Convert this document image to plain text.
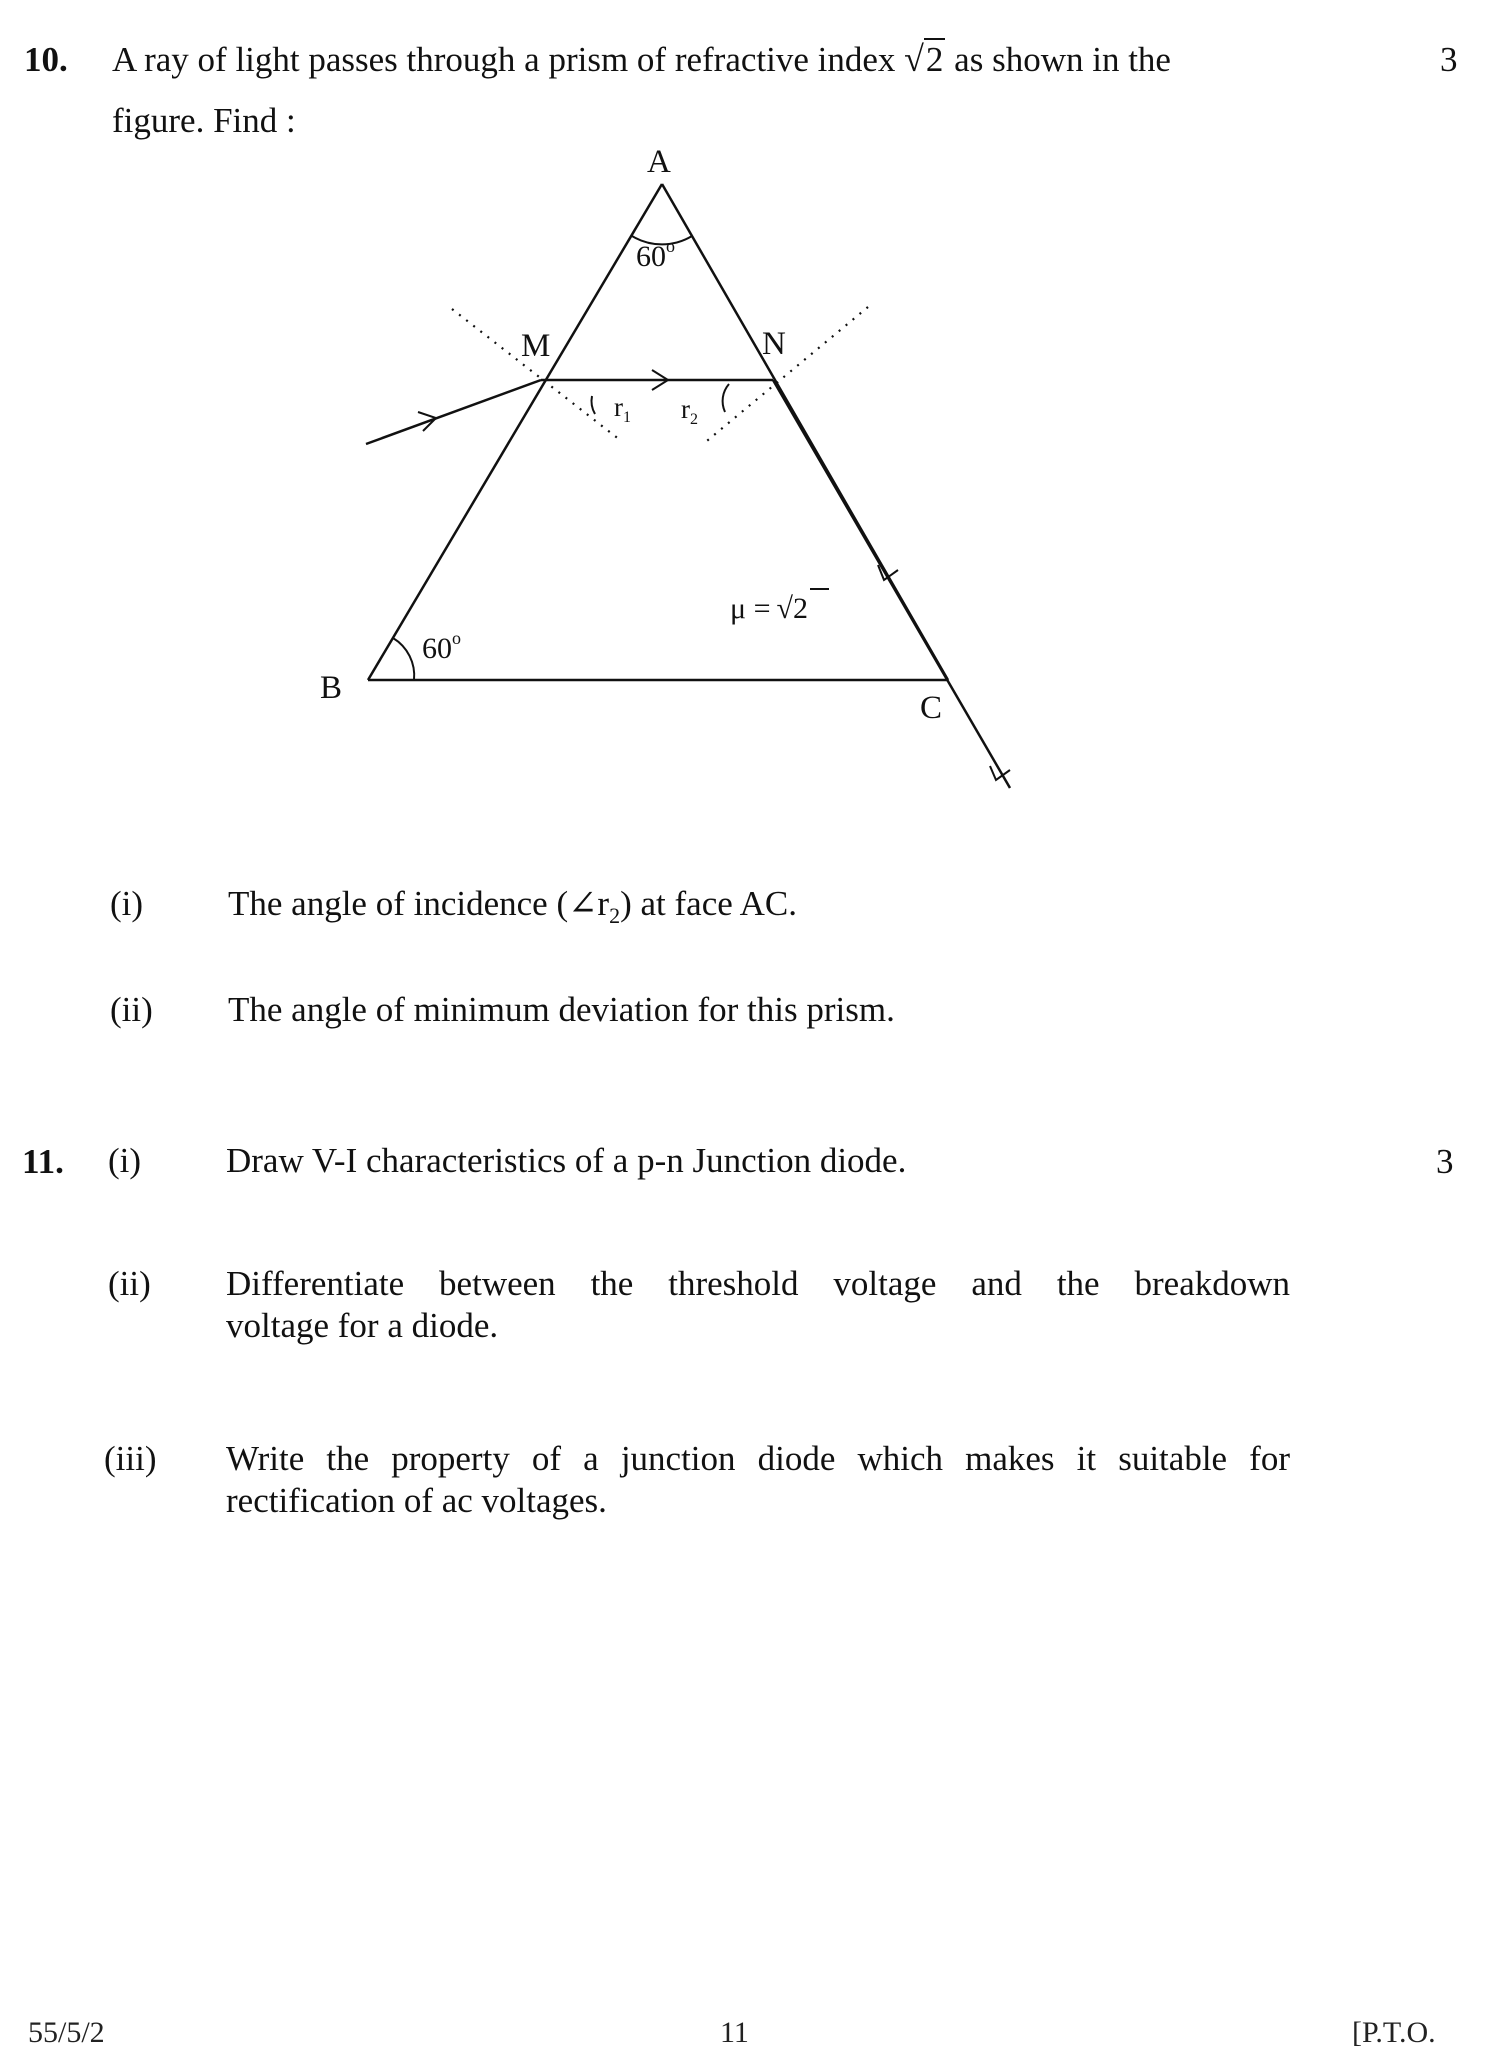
10. A ray of light passes through a prism of refractive index √2 as shown in the	3
figure. Find :
A
B
C
M	N
60$^o$
60$^o$
$r_1$ $r_2$
μ = √2
(i) The angle of incidence $(\angle r_2)$ at face AC.
(ii) The angle of minimum deviation for this prism.
11. (i) Draw V-I characteristics of a p-n Junction diode.	3
(ii) Differentiate between the threshold voltage and the breakdown
voltage for a diode.
(iii) Write the property of a junction diode which makes it suitable for
rectification of ac voltages.
55/5/2	11	[P.T.O.
